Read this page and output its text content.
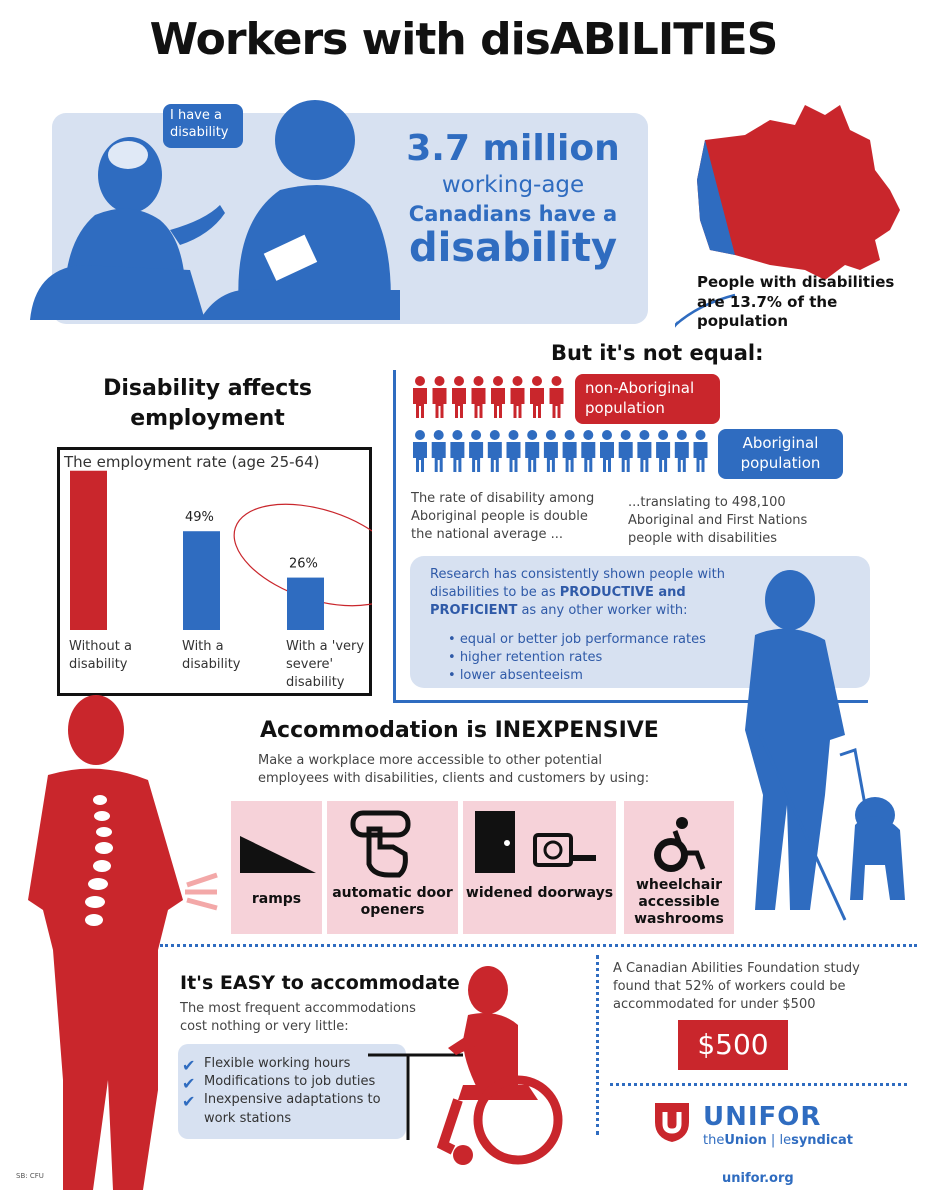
Workers with disABILITIES
I have a disability	3.7 million
working-age
Canadians have a
disability
People with disabilities are 13.7% of the population
But it's not equal:
non-Aboriginal population
Aboriginal population
The rate of disability among Aboriginal people is double the national average ...
...translating to 498,100 Aboriginal and First Nations people with disabilities
Disability affects employment
The employment rate (age 25-64)
Without a disability
49%
With a disability
26%
With a 'very severe' disability
Research has consistently shown people with disabilities to be as PRODUCTIVE and PROFICIENT as any other worker with:
• equal or better job performance rates
• higher retention rates
• lower absenteeism
Accommodation is INEXPENSIVE
Make a workplace more accessible to other potential employees with disabilities, clients and customers by using:
ramps	automatic door openers
widened doorways	wheelchair accessible washrooms
It's EASY to accommodate
The most frequent accommodations cost nothing or very little:
✔ Flexible working hours
✔ Modifications to job duties
✔ Inexpensive adaptations to work stations
A Canadian Abilities Foundation study found that 52% of workers could be accommodated for under $500
$500
UNIFOR
theUnion | lesyndicat
unifor.org
SB: CFU
